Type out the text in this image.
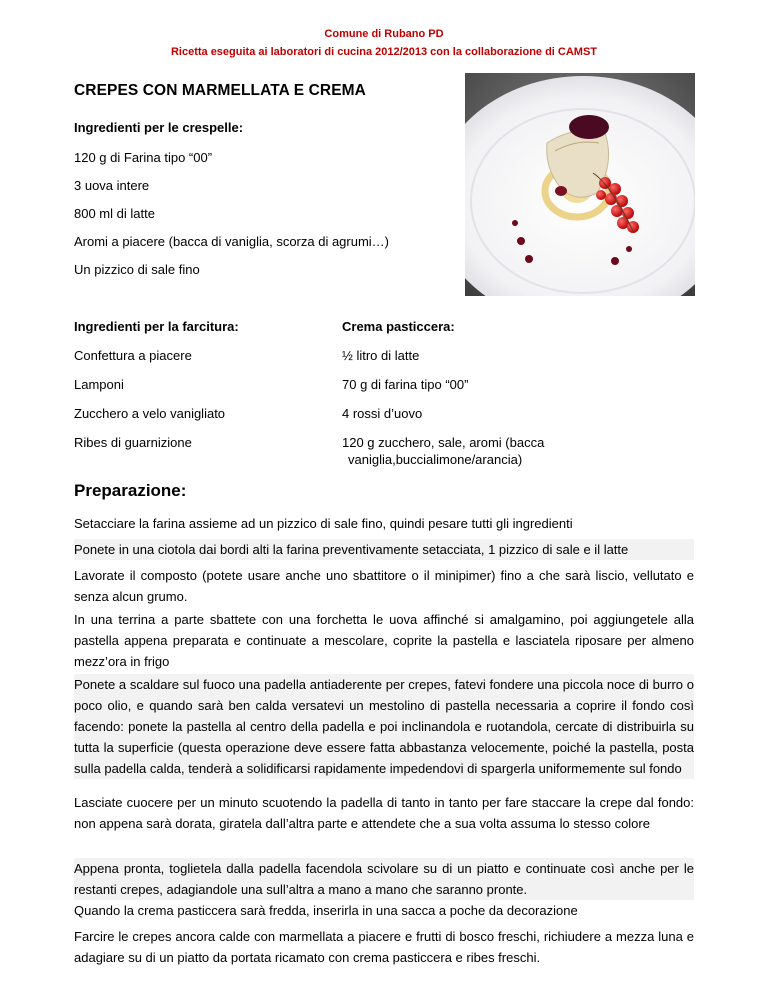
Comune di Rubano PD
Ricetta eseguita ai laboratori di cucina 2012/2013 con la collaborazione di CAMST
CREPES CON MARMELLATA E CREMA
Ingredienti per le crespelle:
120 g di Farina tipo “00”
3 uova intere
800 ml di latte
Aromi a piacere (bacca di vaniglia, scorza di agrumi…)
Un pizzico di sale fino
Ingredienti per la farcitura:	Crema pasticcera:
Confettura a piacere	½ litro di latte
Lamponi	70 g di farina tipo “00”
Zucchero a velo vanigliato	4 rossi d’uovo
Ribes di guarnizione	120 g zucchero, sale, aromi (bacca
vaniglia,buccialimone/arancia)
Preparazione:
Setacciare la farina assieme ad un pizzico di sale fino, quindi pesare tutti gli ingredienti
Ponete in una ciotola dai bordi alti la farina preventivamente setacciata, 1 pizzico di sale e il latte
Lavorate il composto (potete usare anche uno sbattitore o il minipimer) fino a che sarà liscio, vellutato e senza alcun grumo.
In una terrina a parte sbattete con una forchetta le uova affinché si amalgamino, poi aggiungetele alla pastella appena preparata e continuate a mescolare, coprite la pastella e lasciatela riposare per almeno mezz’ora in frigo
Ponete a scaldare sul fuoco una padella antiaderente per crepes, fatevi fondere una piccola noce di burro o poco olio, e quando sarà ben calda versatevi un mestolino di pastella necessaria a coprire il fondo così facendo: ponete la pastella al centro della padella e poi inclinandola e ruotandola, cercate di distribuirla su tutta la superficie (questa operazione deve essere fatta abbastanza velocemente, poiché la pastella, posta sulla padella calda, tenderà a solidificarsi rapidamente impedendovi di spargerla uniformemente sul fondo
Lasciate cuocere per un minuto scuotendo la padella di tanto in tanto per fare staccare la crepe dal fondo: non appena sarà dorata, giratela dall’altra parte e attendete che a sua volta assuma lo stesso colore
Appena pronta, toglietela dalla padella facendola scivolare su di un piatto e continuate così anche per le restanti crepes, adagiandole una sull’altra a mano a mano che saranno pronte.
Quando la crema pasticcera sarà fredda, inserirla in una sacca a poche da decorazione
Farcire le crepes ancora calde con marmellata a piacere e frutti di bosco freschi, richiudere a mezza luna e adagiare su di un piatto da portata ricamato con crema pasticcera e ribes freschi.
